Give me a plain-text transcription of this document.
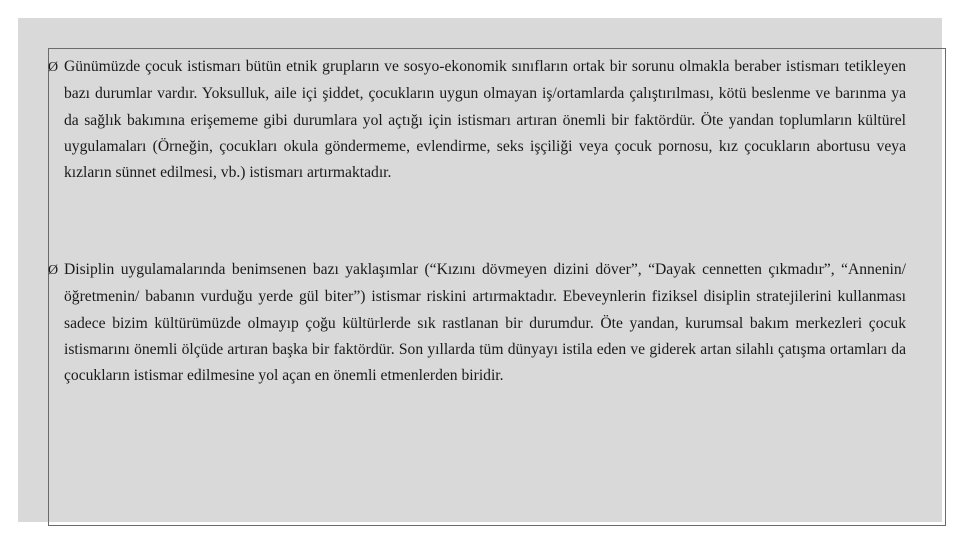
Ø Günümüzde çocuk istismarı bütün etnik grupların ve sosyo-ekonomik sınıfların ortak bir sorunu olmakla beraber istismarı tetikleyen bazı durumlar vardır. Yoksulluk, aile içi şiddet, çocukların uygun olmayan iş/ortamlarda çalıştırılması, kötü beslenme ve barınma ya da sağlık bakımına erişememe gibi durumlara yol açtığı için istismarı artıran önemli bir faktördür. Öte yandan toplumların kültürel uygulamaları (Örneğin, çocukları okula göndermeme, evlendirme, seks işçiliği veya çocuk pornosu, kız çocukların abortusu veya kızların sünnet edilmesi, vb.) istismarı artırmaktadır.
Ø Disiplin uygulamalarında benimsenen bazı yaklaşımlar (“Kızını dövmeyen dizini döver”, “Dayak cennetten çıkmadır”, “Annenin/ öğretmenin/ babanın vurduğu yerde gül biter”) istismar riskini artırmaktadır. Ebeveynlerin fiziksel disiplin stratejilerini kullanması sadece bizim kültürümüzde olmayıp çoğu kültürlerde sık rastlanan bir durumdur. Öte yandan, kurumsal bakım merkezleri çocuk istismarını önemli ölçüde artıran başka bir faktördür. Son yıllarda tüm dünyayı istila eden ve giderek artan silahlı çatışma ortamları da çocukların istismar edilmesine yol açan en önemli etmenlerden biridir.
